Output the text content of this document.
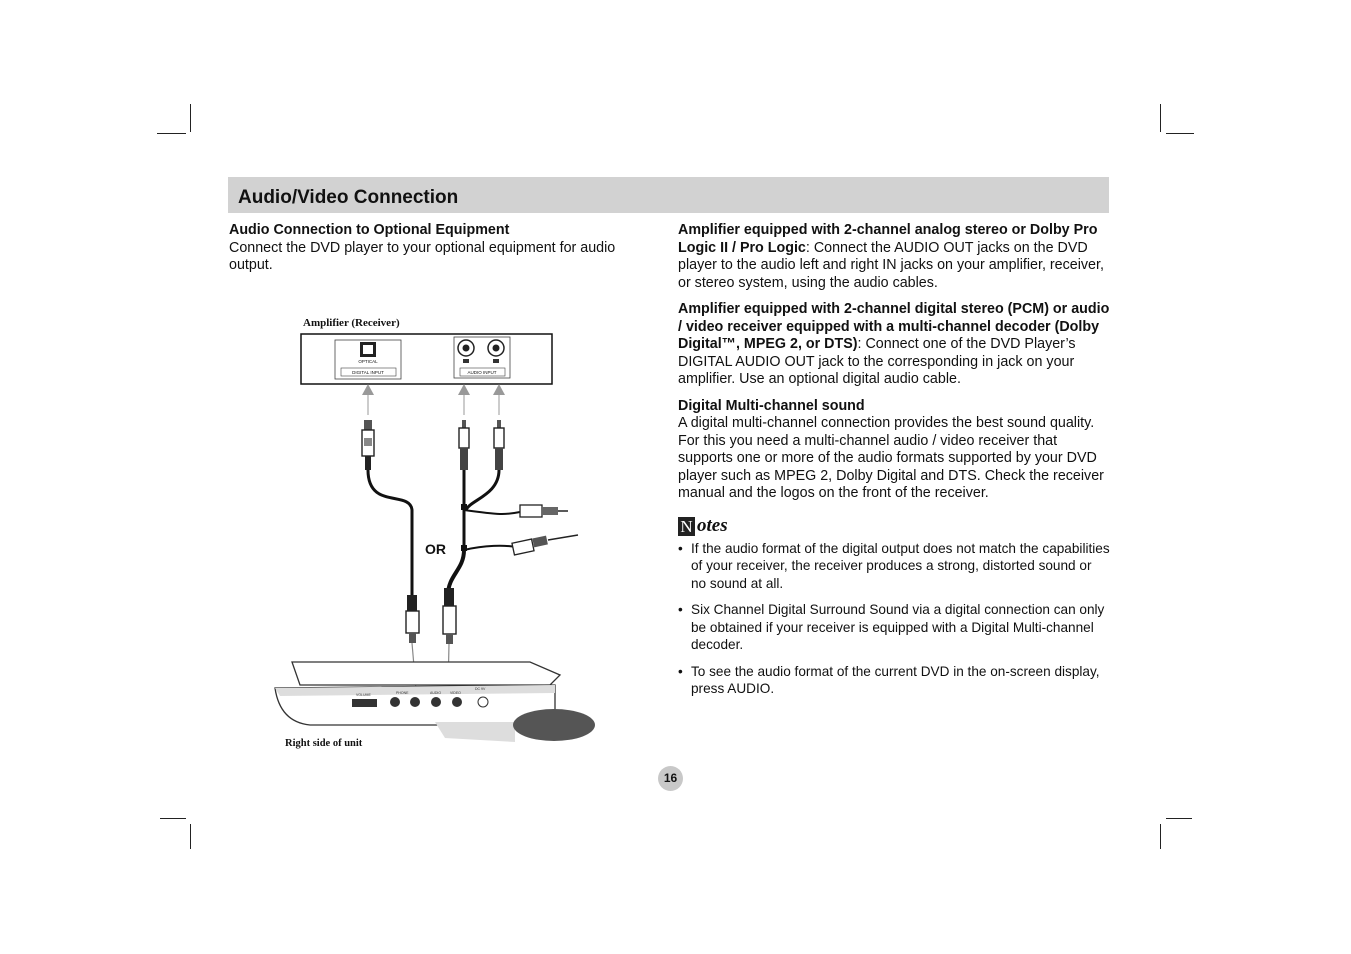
Audio/Video Connection

Audio Connection to Optional Equipment

Connect the DVD player to your optional equipment for audio output.

Amplifier (Receiver)
OPTICAL
DIGITAL INPUT	AUDIO INPUT
OR
VOLUME	PHONE	AUDIO	VIDEO
DC 9V
Right side of unit

Amplifier equipped with 2-channel analog stereo or Dolby Pro Logic II / Pro Logic: Connect the AUDIO OUT jacks on the DVD player to the audio left and right IN jacks on your amplifier, receiver, or stereo system, using the audio cables.

Amplifier equipped with 2-channel digital stereo (PCM) or audio / video receiver equipped with a multi-channel decoder (Dolby Digital™, MPEG 2, or DTS): Connect one of the DVD Player’s DIGITAL AUDIO OUT jack to the corresponding in jack on your amplifier. Use an optional digital audio cable.

Digital Multi-channel sound

A digital multi-channel connection provides the best sound quality. For this you need a multi-channel audio / video receiver that supports one or more of the audio formats supported by your DVD player such as MPEG 2, Dolby Digital and DTS. Check the receiver manual and the logos on the front of the receiver.

N otes
• If the audio format of the digital output does not match the capabilities of your receiver, the receiver produces a strong, distorted sound or no sound at all.
• Six Channel Digital Surround Sound via a digital connection can only be obtained if your receiver is equipped with a Digital Multi-channel decoder.
• To see the audio format of the current DVD in the on-screen display, press AUDIO.
16
